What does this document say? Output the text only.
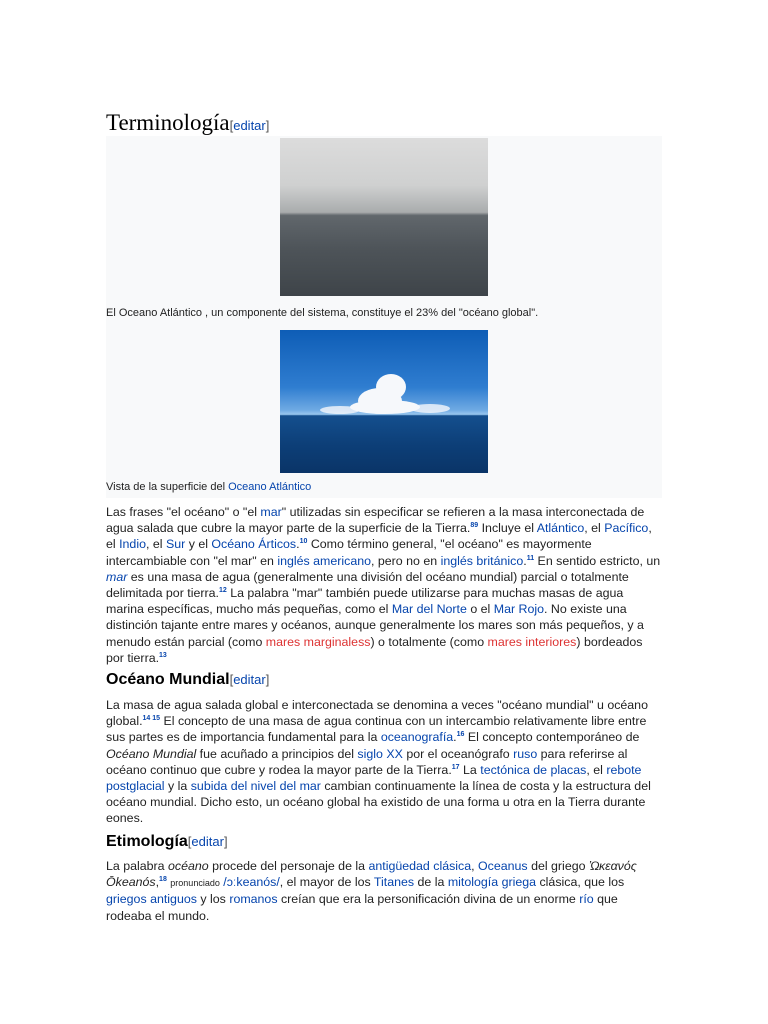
Terminología[editar]
El Oceano Atlántico , un componente del sistema, constituye el 23% del "océano global".
Vista de la superficie del Oceano Atlántico

Las frases "el océano" o "el mar" utilizadas sin especificar se refieren a la masa interconectada de agua salada que cubre la mayor parte de la superficie de la Tierra.$^{89}$ Incluye el Atlántico, el Pacífico, el Indio, el Sur y el Océano Árticos.$^{10}$ Como término general, "el océano" es mayormente intercambiable con "el mar" en inglés americano, pero no en inglés británico.$^{11}$ En sentido estricto, un mar es una masa de agua (generalmente una división del océano mundial) parcial o totalmente delimitada por tierra.$^{12}$ La palabra "mar" también puede utilizarse para muchas masas de agua marina específicas, mucho más pequeñas, como el Mar del Norte o el Mar Rojo. No existe una distinción tajante entre mares y océanos, aunque generalmente los mares son más pequeños, y a menudo están parcial (como mares marginaless) o totalmente (como mares interiores) bordeados por tierra.$^{13}$

Océano Mundial[editar]

La masa de agua salada global e interconectada se denomina a veces "océano mundial" u océano global.$^{14 15}$ El concepto de una masa de agua continua con un intercambio relativamente libre entre sus partes es de importancia fundamental para la oceanografía.$^{16}$ El concepto contemporáneo de Océano Mundial fue acuñado a principios del siglo XX por el oceanógrafo ruso para referirse al océano continuo que cubre y rodea la mayor parte de la Tierra.$^{17}$ La tectónica de placas, el rebote postglacial y la subida del nivel del mar cambian continuamente la línea de costa y la estructura del océano mundial. Dicho esto, un océano global ha existido de una forma u otra en la Tierra durante eones.

Etimología[editar]

La palabra océano procede del personaje de la antigüedad clásica, Oceanus del griego Ὠκεανός Ōkeanós,$^{18}$ pronunciado /ɔːkeanós/, el mayor de los Titanes de la mitología griega clásica, que los griegos antiguos y los romanos creían que era la personificación divina de un enorme río que rodeaba el mundo.
